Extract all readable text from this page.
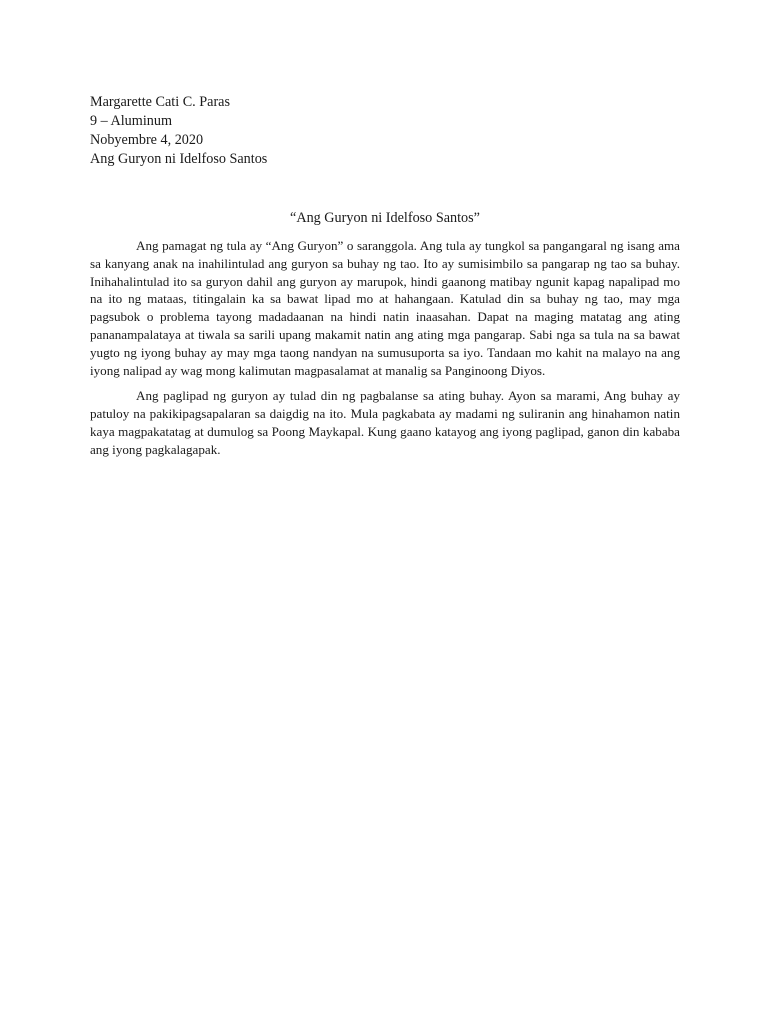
Margarette Cati C. Paras
9 – Aluminum
Nobyembre 4, 2020
Ang Guryon ni Idelfoso Santos
“Ang Guryon ni Idelfoso Santos”

Ang pamagat ng tula ay “Ang Guryon” o saranggola. Ang tula ay tungkol sa pangangaral ng isang ama sa kanyang anak na inahilintulad ang guryon sa buhay ng tao. Ito ay sumisimbilo sa pangarap ng tao sa buhay. Inihahalintulad ito sa guryon dahil ang guryon ay marupok, hindi gaanong matibay ngunit kapag napalipad mo na ito ng mataas, titingalain ka sa bawat lipad mo at hahangaan. Katulad din sa buhay ng tao, may mga pagsubok o problema tayong madadaanan na hindi natin inaasahan. Dapat na maging matatag ang ating pananampalataya at tiwala sa sarili upang makamit natin ang ating mga pangarap. Sabi nga sa tula na sa bawat yugto ng iyong buhay ay may mga taong nandyan na sumusuporta sa iyo. Tandaan mo kahit na malayo na ang iyong nalipad ay wag mong kalimutan magpasalamat at manalig sa Panginoong Diyos.

Ang paglipad ng guryon ay tulad din ng pagbalanse sa ating buhay. Ayon sa marami, Ang buhay ay patuloy na pakikipagsapalaran sa daigdig na ito. Mula pagkabata ay madami ng suliranin ang hinahamon natin kaya magpakatatag at dumulog sa Poong Maykapal. Kung gaano katayog ang iyong paglipad, ganon din kababa ang iyong pagkalagapak.
